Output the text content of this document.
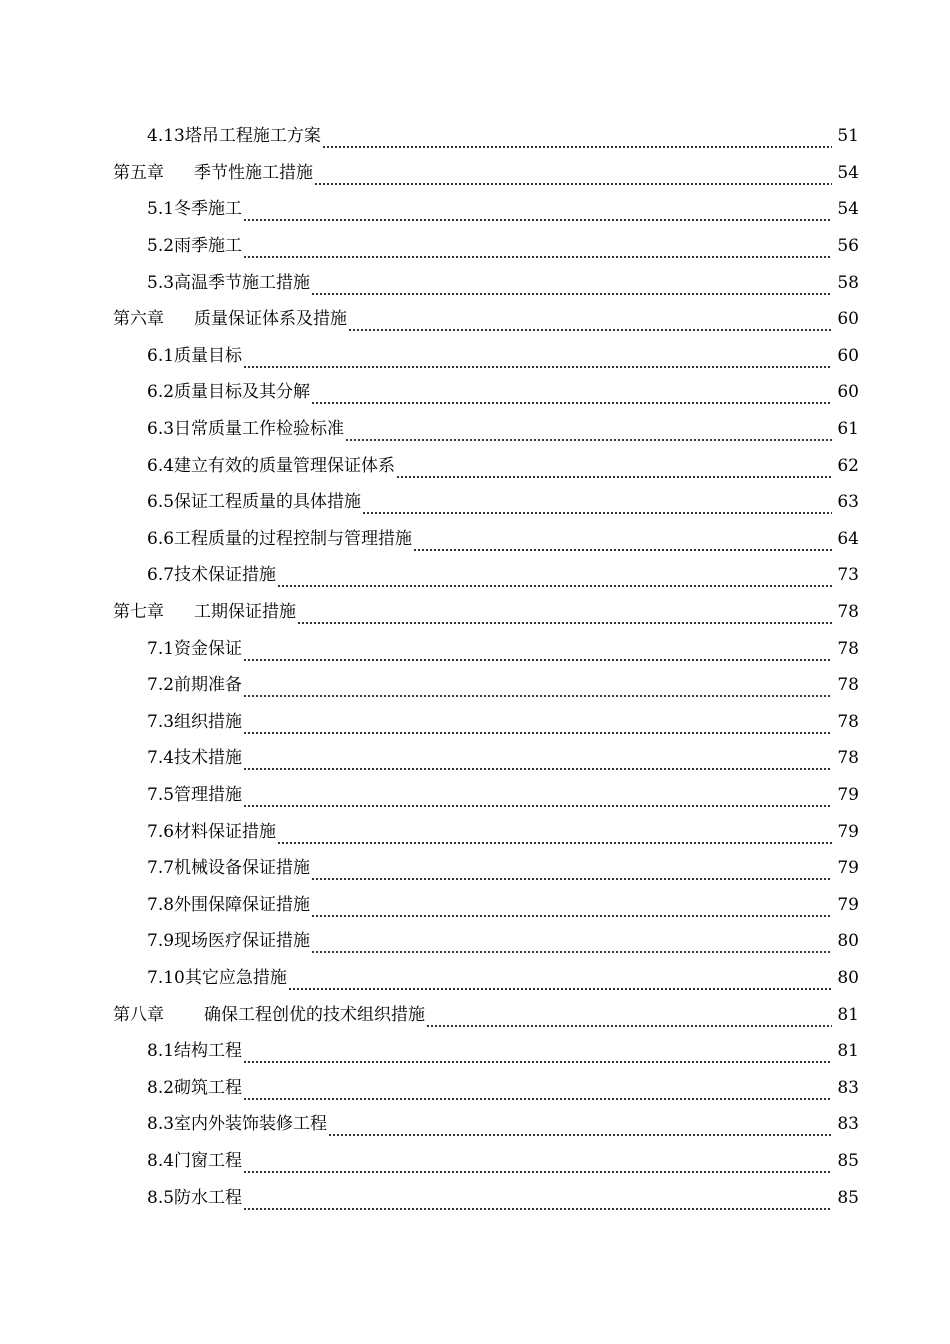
4.13塔吊工程施工方案	51
第五章 季节性施工措施	54
5.1冬季施工	54
5.2雨季施工	56
5.3高温季节施工措施	58
第六章 质量保证体系及措施	60
6.1质量目标	60
6.2质量目标及其分解	60
6.3日常质量工作检验标准	61
6.4建立有效的质量管理保证体系	62
6.5保证工程质量的具体措施	63
6.6工程质量的过程控制与管理措施	64
6.7技术保证措施	73
第七章 工期保证措施	78
7.1资金保证	78
7.2前期准备	78
7.3组织措施	78
7.4技术措施	78
7.5管理措施	79
7.6材料保证措施	79
7.7机械设备保证措施	79
7.8外围保障保证措施	79
7.9现场医疗保证措施	80
7.10其它应急措施	80
第八章 确保工程创优的技术组织措施	81
8.1结构工程	81
8.2砌筑工程	83
8.3室内外装饰装修工程	83
8.4门窗工程	85
8.5防水工程	85
